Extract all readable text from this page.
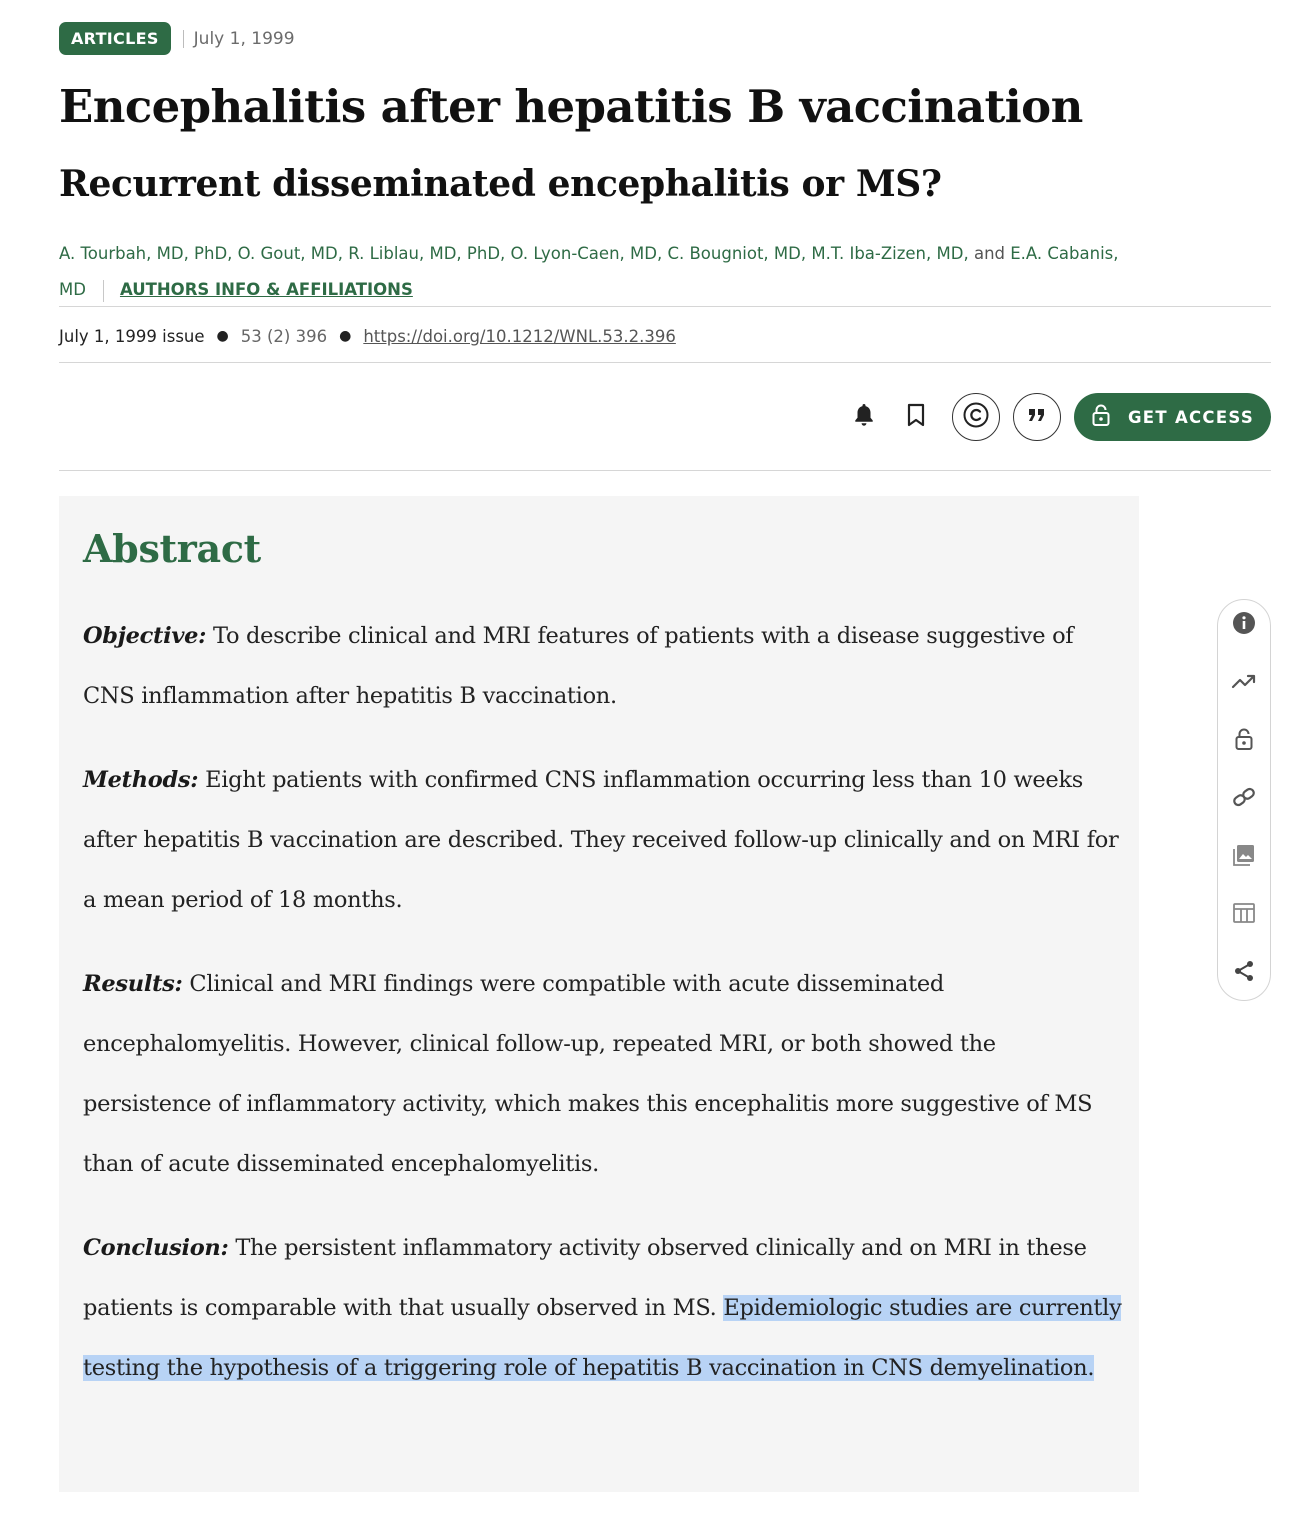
ARTICLES	July 1, 1999
Encephalitis after hepatitis B vaccination
Recurrent disseminated encephalitis or MS?
A. Tourbah, MD, PhD, O. Gout, MD, R. Liblau, MD, PhD, O. Lyon-Caen, MD, C. Bougniot, MD, M.T. Iba-Zizen, MD, and E.A. Cabanis,
MD AUTHORS INFO & AFFILIATIONS
July 1, 1999 issue ● 53 (2) 396 ● https://doi.org/10.1212/WNL.53.2.396
GET ACCESS
Abstract

Objective: To describe clinical and MRI features of patients with a disease suggestive of CNS inflammation after hepatitis B vaccination.

Methods: Eight patients with confirmed CNS inflammation occurring less than 10 weeks after hepatitis B vaccination are described. They received follow-up clinically and on MRI for a mean period of 18 months.

Results: Clinical and MRI findings were compatible with acute disseminated encephalomyelitis. However, clinical follow-up, repeated MRI, or both showed the persistence of inflammatory activity, which makes this encephalitis more suggestive of MS than of acute disseminated encephalomyelitis.

Conclusion: The persistent inflammatory activity observed clinically and on MRI in these patients is comparable with that usually observed in MS. Epidemiologic studies are currently testing the hypothesis of a triggering role of hepatitis B vaccination in CNS demyelination.
